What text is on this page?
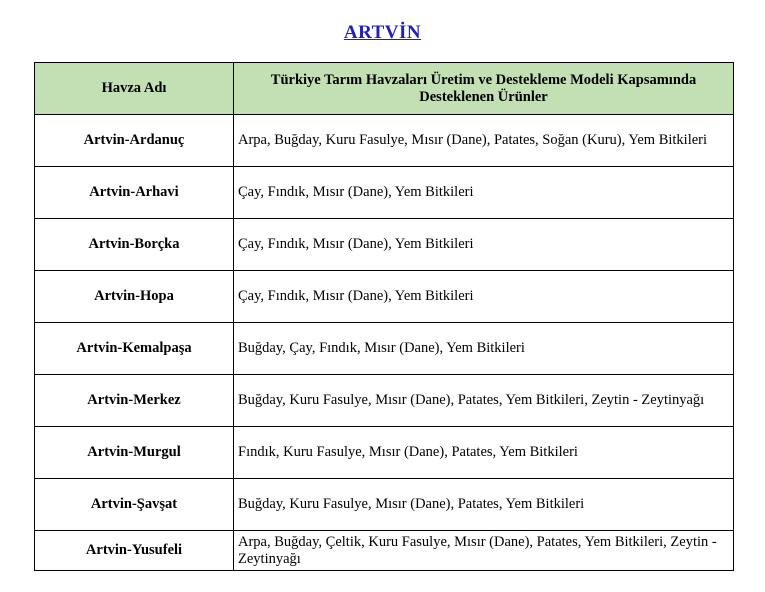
ARTVİN
Havza Adı	Türkiye Tarım Havzaları Üretim ve Destekleme Modeli Kapsamında Desteklenen Ürünler
Artvin-Ardanuç	Arpa, Buğday, Kuru Fasulye, Mısır (Dane), Patates, Soğan (Kuru), Yem Bitkileri
Artvin-Arhavi	Çay, Fındık, Mısır (Dane), Yem Bitkileri
Artvin-Borçka	Çay, Fındık, Mısır (Dane), Yem Bitkileri
Artvin-Hopa	Çay, Fındık, Mısır (Dane), Yem Bitkileri
Artvin-Kemalpaşa	Buğday, Çay, Fındık, Mısır (Dane), Yem Bitkileri
Artvin-Merkez	Buğday, Kuru Fasulye, Mısır (Dane), Patates, Yem Bitkileri, Zeytin - Zeytinyağı
Artvin-Murgul	Fındık, Kuru Fasulye, Mısır (Dane), Patates, Yem Bitkileri
Artvin-Şavşat	Buğday, Kuru Fasulye, Mısır (Dane), Patates, Yem Bitkileri
Artvin-Yusufeli	Arpa, Buğday, Çeltik, Kuru Fasulye, Mısır (Dane), Patates, Yem Bitkileri, Zeytin - Zeytinyağı
